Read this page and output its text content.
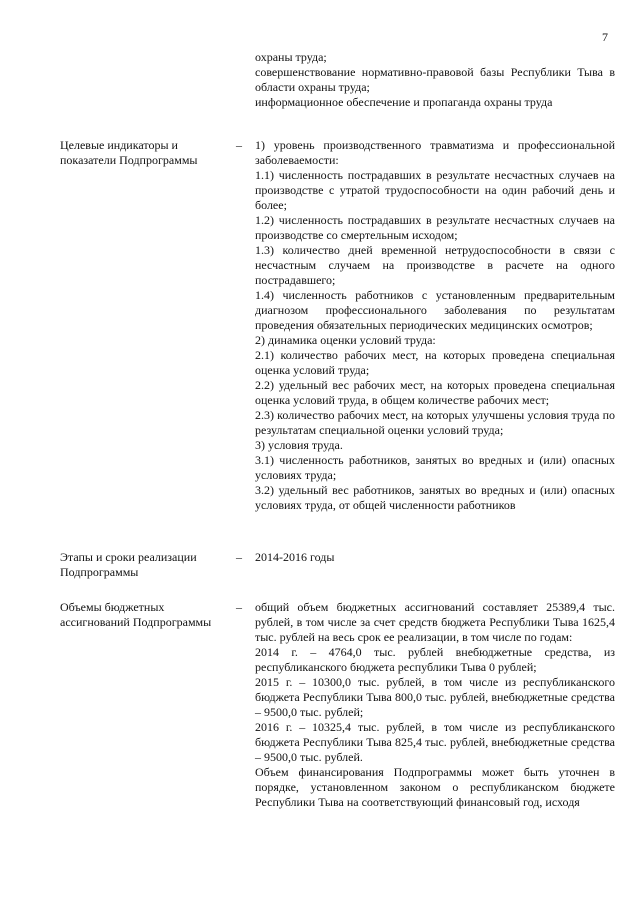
7

охраны труда;

совершенствование нормативно-правовой базы Республики Тыва в области охраны труда;

информационное обеспечение и пропаганда охраны труда

Целевые индикаторы и показатели Подпрограммы
– 1) уровень производственного травматизма и профессиональной заболеваемости:

1.1) численность пострадавших в результате несчастных случаев на производстве с утратой трудоспособности на один рабочий день и более;

1.2) численность пострадавших в результате несчастных случаев на производстве со смертельным исходом;

1.3) количество дней временной нетрудоспособности в связи с несчастным случаем на производстве в расчете на одного пострадавшего;

1.4) численность работников с установленным предварительным диагнозом профессионального заболевания по результатам проведения обязательных периодических медицинских осмотров;

2) динамика оценки условий труда:

2.1) количество рабочих мест, на которых проведена специальная оценка условий труда;

2.2) удельный вес рабочих мест, на которых проведена специальная оценка условий труда, в общем количестве рабочих мест;

2.3) количество рабочих мест, на которых улучшены условия труда по результатам специальной оценки условий труда;

3) условия труда.

3.1) численность работников, занятых во вредных и (или) опасных условиях труда;

3.2) удельный вес работников, занятых во вредных и (или) опасных условиях труда, от общей численности работников

Этапы и сроки реализации Подпрограммы
– 2014-2016 годы

Объемы бюджетных ассигнований Подпрограммы
– общий объем бюджетных ассигнований составляет 25389,4 тыс. рублей, в том числе за счет средств бюджета Республики Тыва 1625,4 тыс. рублей на весь срок ее реализации, в том числе по годам:

2014 г. – 4764,0 тыс. рублей внебюджетные средства, из республиканского бюджета республики Тыва 0 рублей;

2015 г. – 10300,0 тыс. рублей, в том числе из республиканского бюджета Республики Тыва 800,0 тыс. рублей, внебюджетные средства – 9500,0 тыс. рублей;

2016 г. – 10325,4 тыс. рублей, в том числе из республиканского бюджета Республики Тыва 825,4 тыс. рублей, внебюджетные средства – 9500,0 тыс. рублей.

Объем финансирования Подпрограммы может быть уточнен в порядке, установленном законом о республиканском бюджете Республики Тыва на соответствующий финансовый год, исходя
